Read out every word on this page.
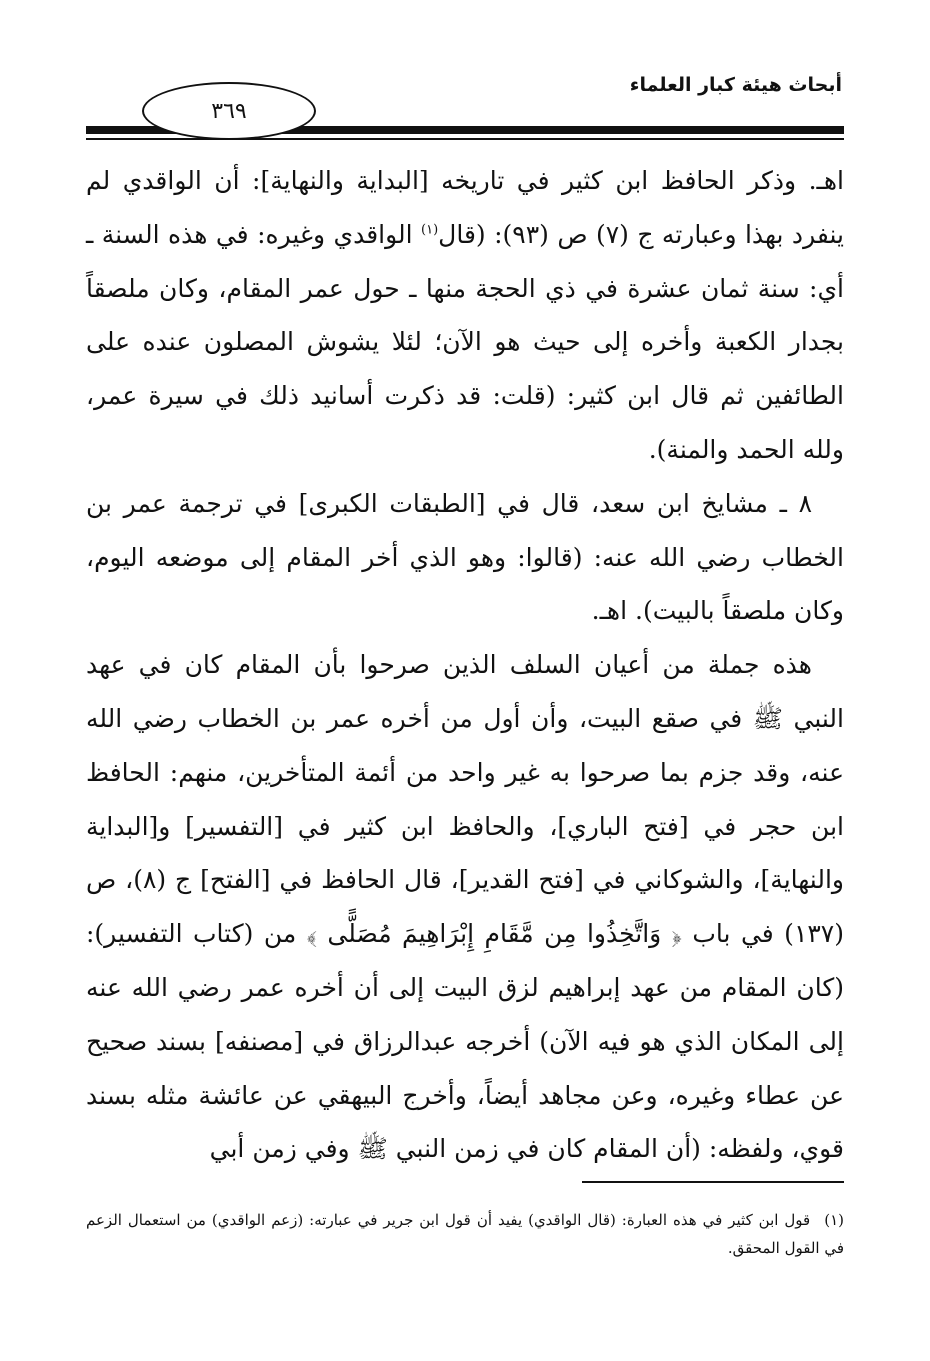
أبحاث هيئة كبار العلماء
٣٦٩

اهـ. وذكر الحافظ ابن كثير في تاريخه [البداية والنهاية]: أن الواقدي لم ينفرد بهذا وعبارته ج (٧) ص (٩٣): (قال$^{(١)}$ الواقدي وغيره: في هذه السنة ـ أي: سنة ثمان عشرة في ذي الحجة منها ـ حول عمر المقام، وكان ملصقاً بجدار الكعبة وأخره إلى حيث هو الآن؛ لئلا يشوش المصلون عنده على الطائفين ثم قال ابن كثير: (قلت: قد ذكرت أسانيد ذلك في سيرة عمر، ولله الحمد والمنة).

٨ ـ مشايخ ابن سعد، قال في [الطبقات الكبرى] في ترجمة عمر بن الخطاب رضي الله عنه: (قالوا: وهو الذي أخر المقام إلى موضعه اليوم، وكان ملصقاً بالبيت). اهـ.

هذه جملة من أعيان السلف الذين صرحوا بأن المقام كان في عهد النبي ﷺ في صقع البيت، وأن أول من أخره عمر بن الخطاب رضي الله عنه، وقد جزم بما صرحوا به غير واحد من أئمة المتأخرين، منهم: الحافظ ابن حجر في [فتح الباري]، والحافظ ابن كثير في [التفسير] و[البداية والنهاية]، والشوكاني في [فتح القدير]، قال الحافظ في [الفتح] ج (٨)، ص (١٣٧) في باب ﴿ وَاتَّخِذُوا مِن مَّقَامِ إِبْرَاهِيمَ مُصَلًّى ﴾ من (كتاب التفسير): (كان المقام من عهد إبراهيم لزق البيت إلى أن أخره عمر رضي الله عنه إلى المكان الذي هو فيه الآن) أخرجه عبدالرزاق في [مصنفه] بسند صحيح عن عطاء وغيره، وعن مجاهد أيضاً، وأخرج البيهقي عن عائشة مثله بسند قوي، ولفظه: (أن المقام كان في زمن النبي ﷺ وفي زمن أبي

(١)قول ابن كثير في هذه العبارة: (قال الواقدي) يفيد أن قول ابن جرير في عبارته: (زعم الواقدي) من استعمال الزعم في القول المحقق.
